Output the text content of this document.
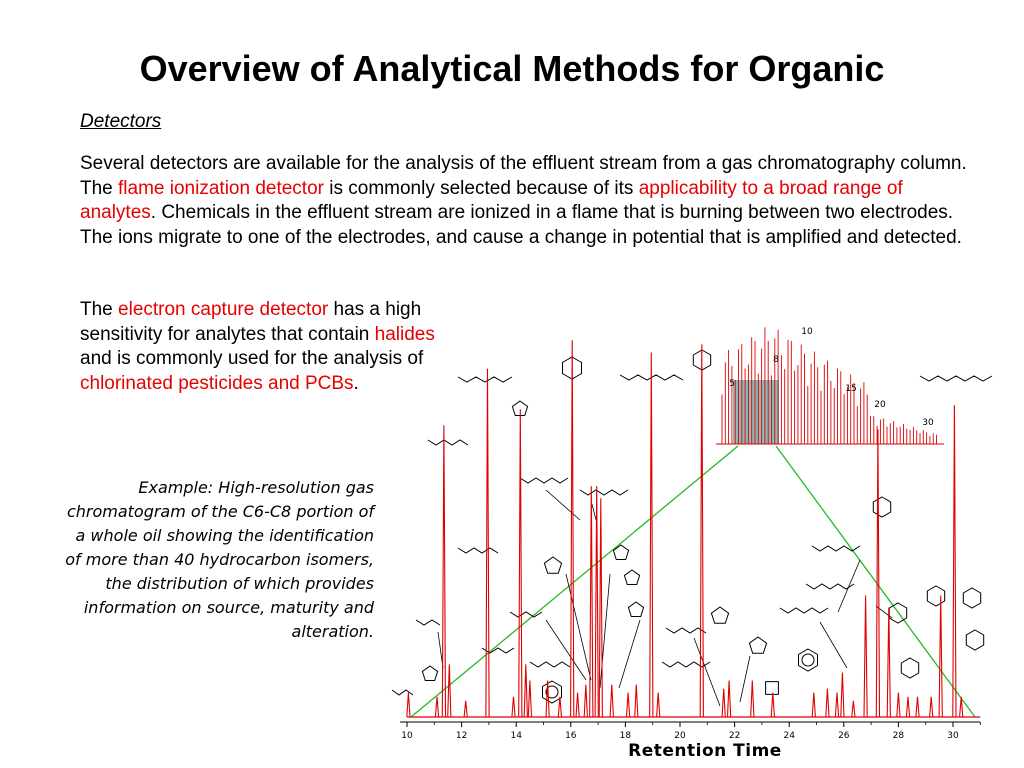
Overview of Analytical Methods for Organic
Detectors
Several detectors are available for the analysis of the effluent stream from a gas chromatography column. The flame ionization detector is commonly selected because of its applicability to a broad range of analytes. Chemicals in the effluent stream are ionized in a flame that is burning between two electrodes. The ions migrate to one of the electrodes, and cause a change in potential that is amplified and detected.
The electron capture detector has a high sensitivity for analytes that contain halides and is commonly used for the analysis of chlorinated pesticides and PCBs.
Example: High-resolution gas chromatogram of the C6-C8 portion of a whole oil showing the identification of more than 40 hydrocarbon isomers, the distribution of which provides information on source, maturity and alteration.
5
8
10
15
20
30
10	12	14	16	18	20	22	24	26	28	30
Retention Time
